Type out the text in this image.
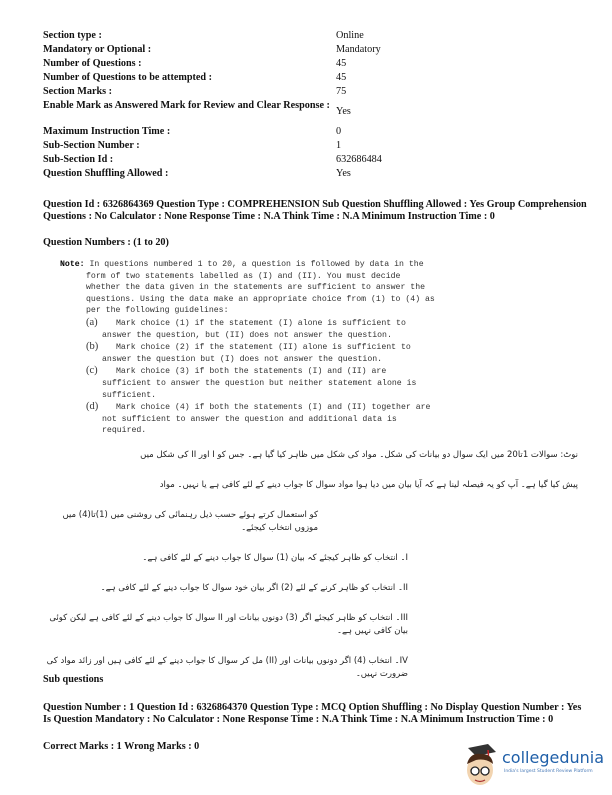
Section type :	Online
Mandatory or Optional :	Mandatory
Number of Questions :	45
Number of Questions to be attempted :	45
Section Marks :	75
Enable Mark as Answered Mark for Review and Clear Response :
Yes
Maximum Instruction Time :	0
Sub-Section Number :	1
Sub-Section Id :	632686484
Question Shuffling Allowed :	Yes
Question Id : 6326864369 Question Type : COMPREHENSION Sub Question Shuffling Allowed : Yes Group Comprehension Questions : No Calculator : None Response Time : N.A Think Time : N.A Minimum Instruction Time : 0
Question Numbers : (1 to 20)
Note: In questions numbered 1 to 20, a question is followed by data in the form of two statements labelled as (I) and (II). You must decide whether the data given in the statements are sufficient to answer the questions. Using the data make an appropriate choice from (1) to (4) as per the following guidelines:
(a) Mark choice (1) if the statement (I) alone is sufficient to answer the question, but (II) does not answer the question.
(b) Mark choice (2) if the statement (II) alone is sufficient to answer the question but (I) does not answer the question.
(c) Mark choice (3) if both the statements (I) and (II) are sufficient to answer the question but neither statement alone is sufficient.
(d) Mark choice (4) if both the statements (I) and (II) together are not sufficient to answer the question and additional data is required.
نوٹ: سوالات 1تا20 میں ایک سوال دو بیانات کی شکل۔ مواد کی شکل میں ظاہر کیا گیا ہے۔ جس کو I اور II کی شکل میں
پیش کیا گیا ہے۔ آپ کو یہ فیصلہ لینا ہے کہ آیا بیان میں دیا ہوا مواد سوال کا جواب دینے کے لئے کافی ہے یا نہیں۔ مواد
کو استعمال کرتے ہوئے حسب ذیل رہنمائی کی روشنی میں (1)تا(4) میں موزوں انتخاب کیجئے۔
I۔ انتخاب کو ظاہر کیجئے کہ بیان (1) سوال کا جواب دینے کے لئے کافی ہے۔
II۔ انتخاب کو ظاہر کرنے کے لئے (2) اگر بیان خود سوال کا جواب دینے کے لئے کافی ہے۔
III۔ انتخاب کو ظاہر کیجئے اگر (3) دونوں بیانات اور II سوال کا جواب دینے کے لئے کافی ہے لیکن کوئی بیان کافی نہیں ہے۔
IV۔ انتخاب (4) اگر دونوں بیانات اور (II) مل کر سوال کا جواب دینے کے لئے کافی ہیں اور زائد مواد کی ضرورت نہیں۔
Sub questions
Question Number : 1 Question Id : 6326864370 Question Type : MCQ Option Shuffling : No Display Question Number : Yes Is Question Mandatory : No Calculator : None Response Time : N.A Think Time : N.A Minimum Instruction Time : 0
Correct Marks : 1 Wrong Marks : 0
collegedunia
India's largest Student Review Platform
